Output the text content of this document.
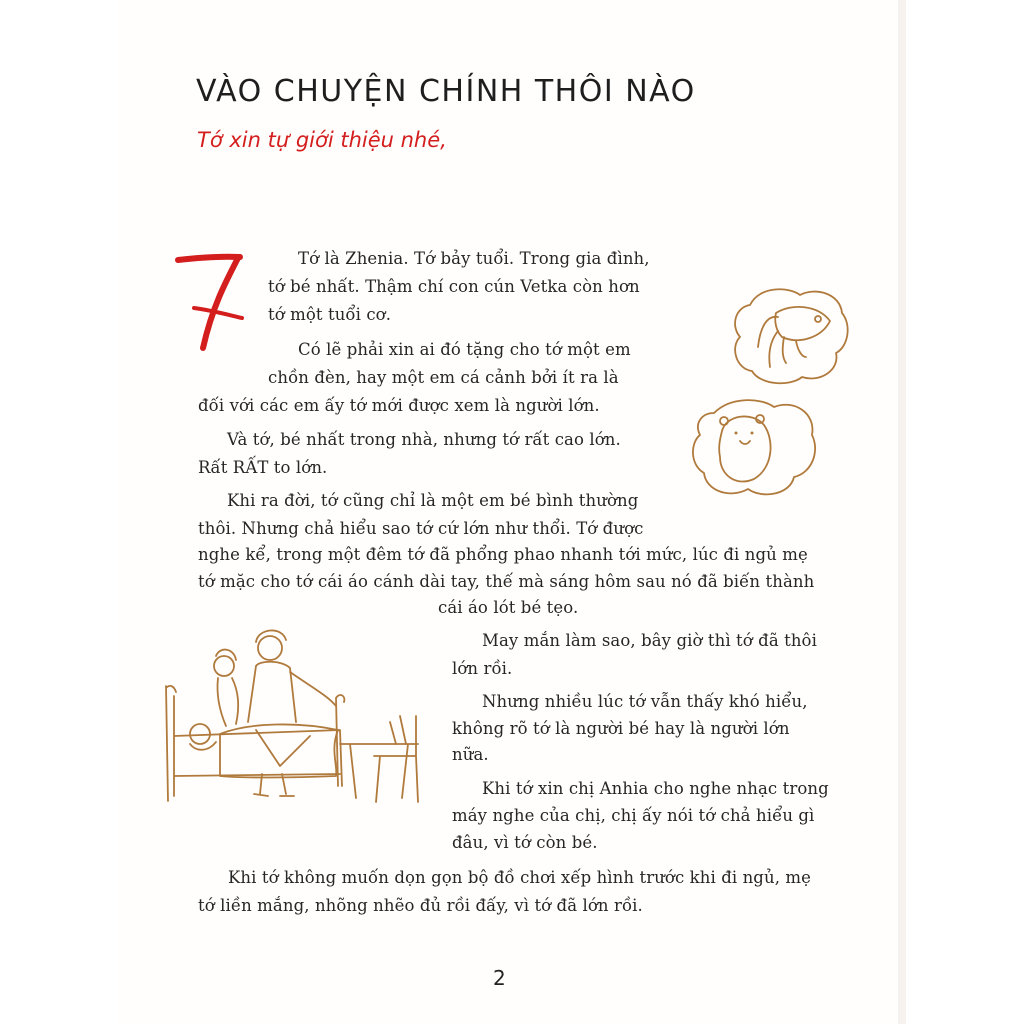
VÀO CHUYỆN CHÍNH THÔI NÀO
Tớ xin tự giới thiệu nhé,
Tớ là Zhenia. Tớ bảy tuổi. Trong gia đình,
tớ bé nhất. Thậm chí con cún Vetka còn hơn
tớ một tuổi cơ.
Có lẽ phải xin ai đó tặng cho tớ một em
chồn đèn, hay một em cá cảnh bởi ít ra là
đối với các em ấy tớ mới được xem là người lớn.
Và tớ, bé nhất trong nhà, nhưng tớ rất cao lớn.
Rất RẤT to lớn.
Khi ra đời, tớ cũng chỉ là một em bé bình thường
thôi. Nhưng chả hiểu sao tớ cứ lớn như thổi. Tớ được
nghe kể, trong một đêm tớ đã phổng phao nhanh tới mức, lúc đi ngủ mẹ
tớ mặc cho tớ cái áo cánh dài tay, thế mà sáng hôm sau nó đã biến thành
cái áo lót bé tẹo.
May mắn làm sao, bây giờ thì tớ đã thôi
lớn rồi.
Nhưng nhiều lúc tớ vẫn thấy khó hiểu,
không rõ tớ là người bé hay là người lớn
nữa.
Khi tớ xin chị Anhia cho nghe nhạc trong
máy nghe của chị, chị ấy nói tớ chả hiểu gì
đâu, vì tớ còn bé.
Khi tớ không muốn dọn gọn bộ đồ chơi xếp hình trước khi đi ngủ, mẹ
tớ liền mắng, nhõng nhẽo đủ rồi đấy, vì tớ đã lớn rồi.
2
